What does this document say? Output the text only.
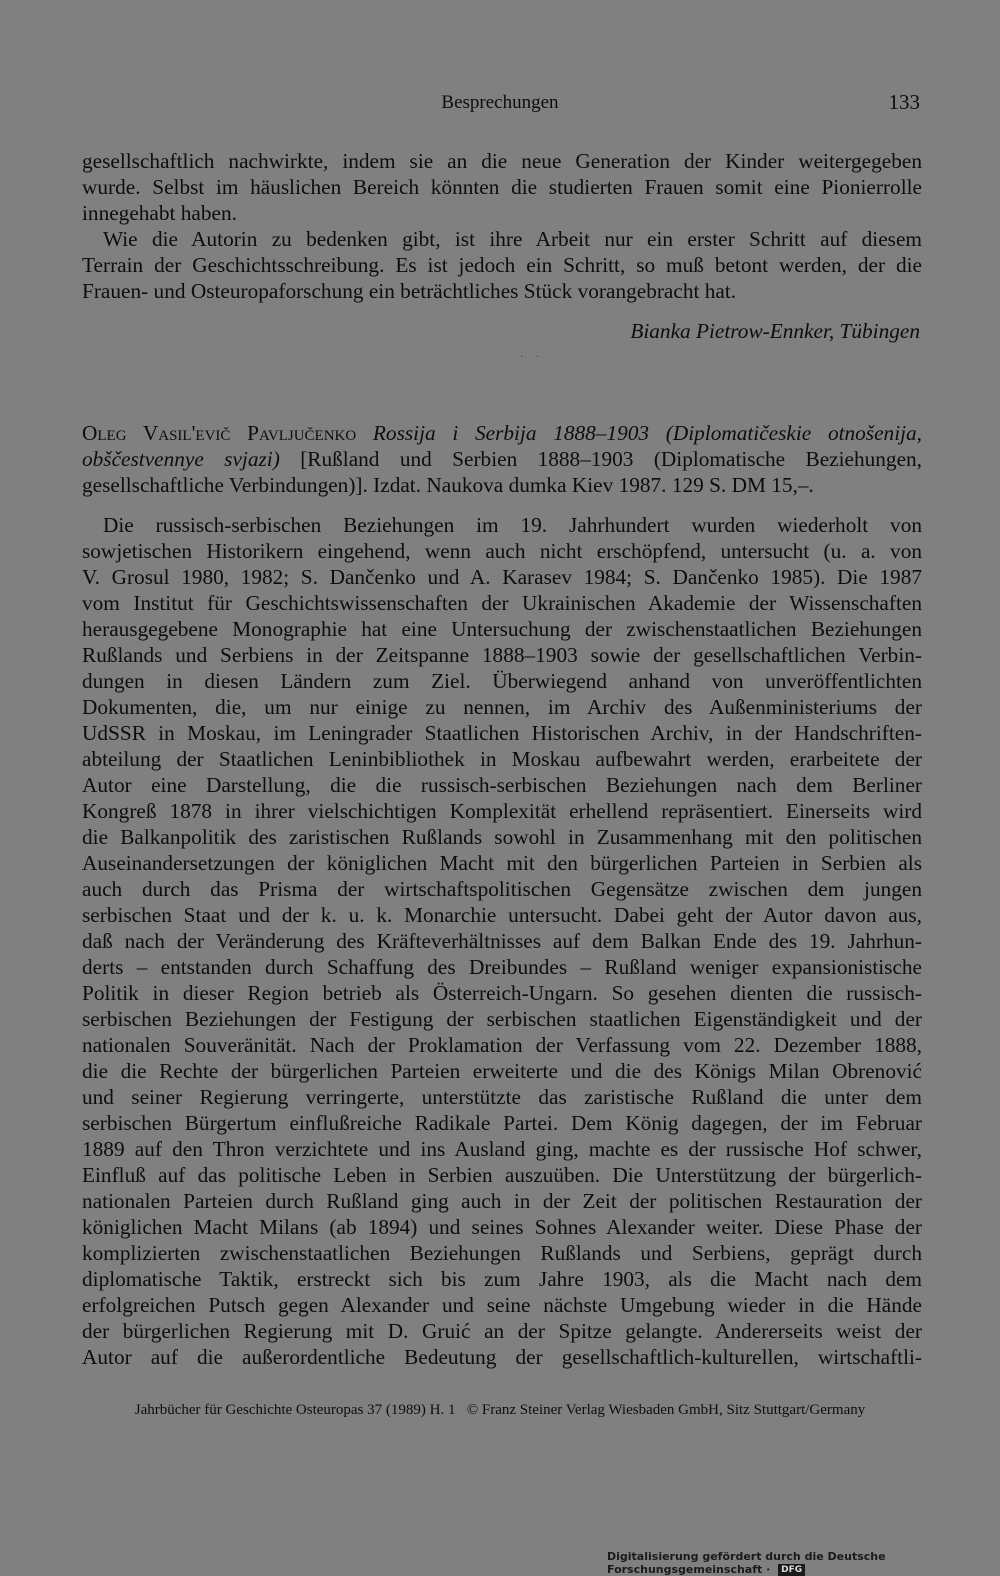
Besprechungen	133
gesellschaftlich nachwirkte, indem sie an die neue Generation der Kinder weitergegeben
wurde. Selbst im häuslichen Bereich könnten die studierten Frauen somit eine Pionierrolle
innegehabt haben.
Wie die Autorin zu bedenken gibt, ist ihre Arbeit nur ein erster Schritt auf diesem
Terrain der Geschichtsschreibung. Es ist jedoch ein Schritt, so muß betont werden, der die
Frauen- und Osteuropaforschung ein beträchtliches Stück vorangebracht hat.
Bianka Pietrow-Ennker, Tübingen
· ·
Oleg Vasil'evič Pavljučenko Rossija i Serbija 1888–1903 (Diplomatičeskie otnošenija,
obščestvennye svjazi) [Rußland und Serbien 1888–1903 (Diplomatische Beziehungen,
gesellschaftliche Verbindungen)]. Izdat. Naukova dumka Kiev 1987. 129 S. DM 15,–.
Die russisch-serbischen Beziehungen im 19. Jahrhundert wurden wiederholt von
sowjetischen Historikern eingehend, wenn auch nicht erschöpfend, untersucht (u. a. von
V. Grosul 1980, 1982; S. Dančenko und A. Karasev 1984; S. Dančenko 1985). Die 1987
vom Institut für Geschichtswissenschaften der Ukrainischen Akademie der Wissenschaften
herausgegebene Monographie hat eine Untersuchung der zwischenstaatlichen Beziehungen
Rußlands und Serbiens in der Zeitspanne 1888–1903 sowie der gesellschaftlichen Verbin-
dungen in diesen Ländern zum Ziel. Überwiegend anhand von unveröffentlichten
Dokumenten, die, um nur einige zu nennen, im Archiv des Außenministeriums der
UdSSR in Moskau, im Leningrader Staatlichen Historischen Archiv, in der Handschriften-
abteilung der Staatlichen Leninbibliothek in Moskau aufbewahrt werden, erarbeitete der
Autor eine Darstellung, die die russisch-serbischen Beziehungen nach dem Berliner
Kongreß 1878 in ihrer vielschichtigen Komplexität erhellend repräsentiert. Einerseits wird
die Balkanpolitik des zaristischen Rußlands sowohl in Zusammenhang mit den politischen
Auseinandersetzungen der königlichen Macht mit den bürgerlichen Parteien in Serbien als
auch durch das Prisma der wirtschaftspolitischen Gegensätze zwischen dem jungen
serbischen Staat und der k. u. k. Monarchie untersucht. Dabei geht der Autor davon aus,
daß nach der Veränderung des Kräfteverhältnisses auf dem Balkan Ende des 19. Jahrhun-
derts – entstanden durch Schaffung des Dreibundes – Rußland weniger expansionistische
Politik in dieser Region betrieb als Österreich-Ungarn. So gesehen dienten die russisch-
serbischen Beziehungen der Festigung der serbischen staatlichen Eigenständigkeit und der
nationalen Souveränität. Nach der Proklamation der Verfassung vom 22. Dezember 1888,
die die Rechte der bürgerlichen Parteien erweiterte und die des Königs Milan Obrenović
und seiner Regierung verringerte, unterstützte das zaristische Rußland die unter dem
serbischen Bürgertum einflußreiche Radikale Partei. Dem König dagegen, der im Februar
1889 auf den Thron verzichtete und ins Ausland ging, machte es der russische Hof schwer,
Einfluß auf das politische Leben in Serbien auszuüben. Die Unterstützung der bürgerlich-
nationalen Parteien durch Rußland ging auch in der Zeit der politischen Restauration der
königlichen Macht Milans (ab 1894) und seines Sohnes Alexander weiter. Diese Phase der
komplizierten zwischenstaatlichen Beziehungen Rußlands und Serbiens, geprägt durch
diplomatische Taktik, erstreckt sich bis zum Jahre 1903, als die Macht nach dem
erfolgreichen Putsch gegen Alexander und seine nächste Umgebung wieder in die Hände
der bürgerlichen Regierung mit D. Gruić an der Spitze gelangte. Andererseits weist der
Autor auf die außerordentliche Bedeutung der gesellschaftlich-kulturellen, wirtschaftli-
Jahrbücher für Geschichte Osteuropas 37 (1989) H. 1   © Franz Steiner Verlag Wiesbaden GmbH, Sitz Stuttgart/Germany
Digitalisierung gefördert durch die Deutsche Forschungsgemeinschaft · DFG
